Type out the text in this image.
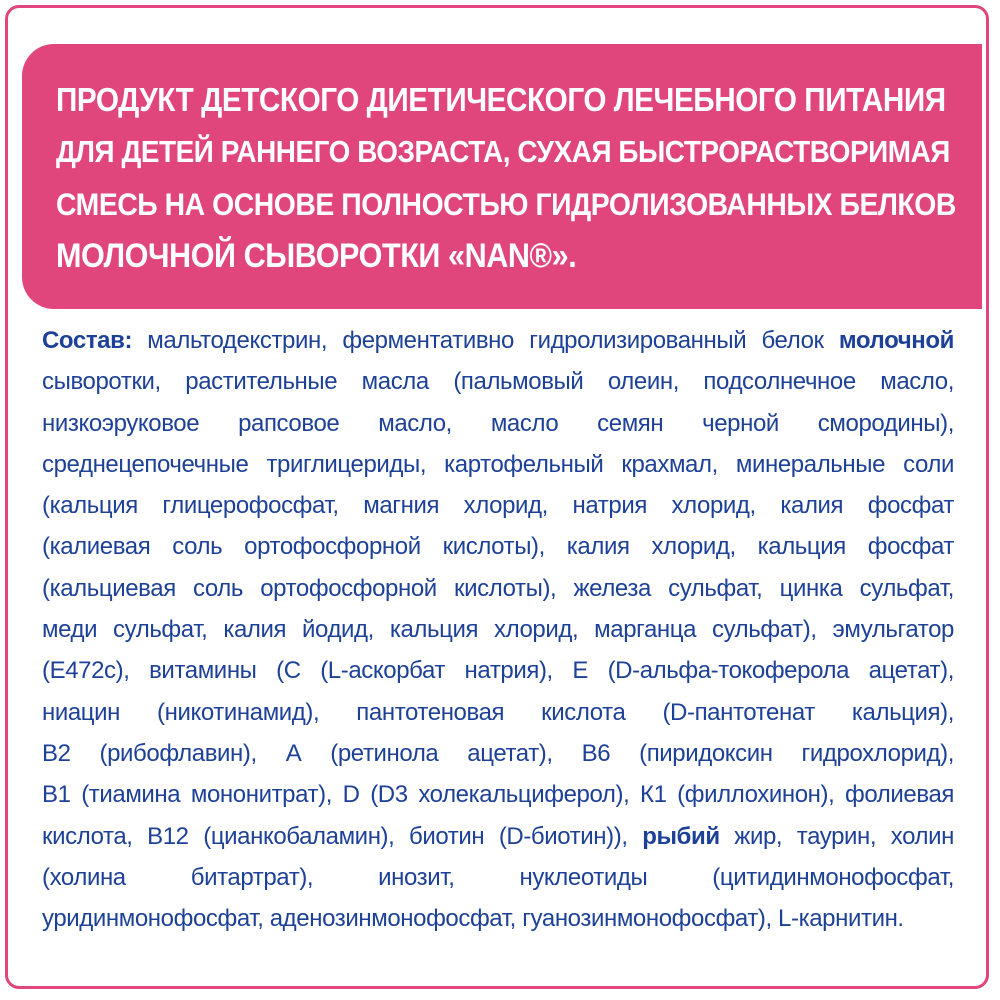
ПРОДУКТ ДЕТСКОГО ДИЕТИЧЕСКОГО ЛЕЧЕБНОГО ПИТАНИЯ
ДЛЯ ДЕТЕЙ РАННЕГО ВОЗРАСТА, СУХАЯ БЫСТРОРАСТВОРИМАЯ
СМЕСЬ НА ОСНОВЕ ПОЛНОСТЬЮ ГИДРОЛИЗОВАННЫХ БЕЛКОВ
МОЛОЧНОЙ СЫВОРОТКИ «NAN®».
Состав: мальтодекстрин, ферментативно гидролизированный белок молочной
сыворотки, растительные масла (пальмовый олеин, подсолнечное масло,
низкоэруковое рапсовое масло, масло семян черной смородины),
среднецепочечные триглицериды, картофельный крахмал, минеральные соли
(кальция глицерофосфат, магния хлорид, натрия хлорид, калия фосфат
(калиевая соль ортофосфорной кислоты), калия хлорид, кальция фосфат
(кальциевая соль ортофосфорной кислоты), железа сульфат, цинка сульфат,
меди сульфат, калия йодид, кальция хлорид, марганца сульфат), эмульгатор
(Е472с), витамины (С (L-аскорбат натрия), Е (D-альфа-токоферола ацетат),
ниацин (никотинамид), пантотеновая кислота (D-пантотенат кальция),
В2 (рибофлавин), А (ретинола ацетат), В6 (пиридоксин гидрохлорид),
В1 (тиамина мононитрат), D (D3 холекальциферол), К1 (филлохинон), фолиевая
кислота, В12 (цианкобаламин), биотин (D-биотин)), рыбий жир, таурин, холин
(холина битартрат), инозит, нуклеотиды (цитидинмонофосфат,
уридинмонофосфат, аденозинмонофосфат, гуанозинмонофосфат), L-карнитин.
